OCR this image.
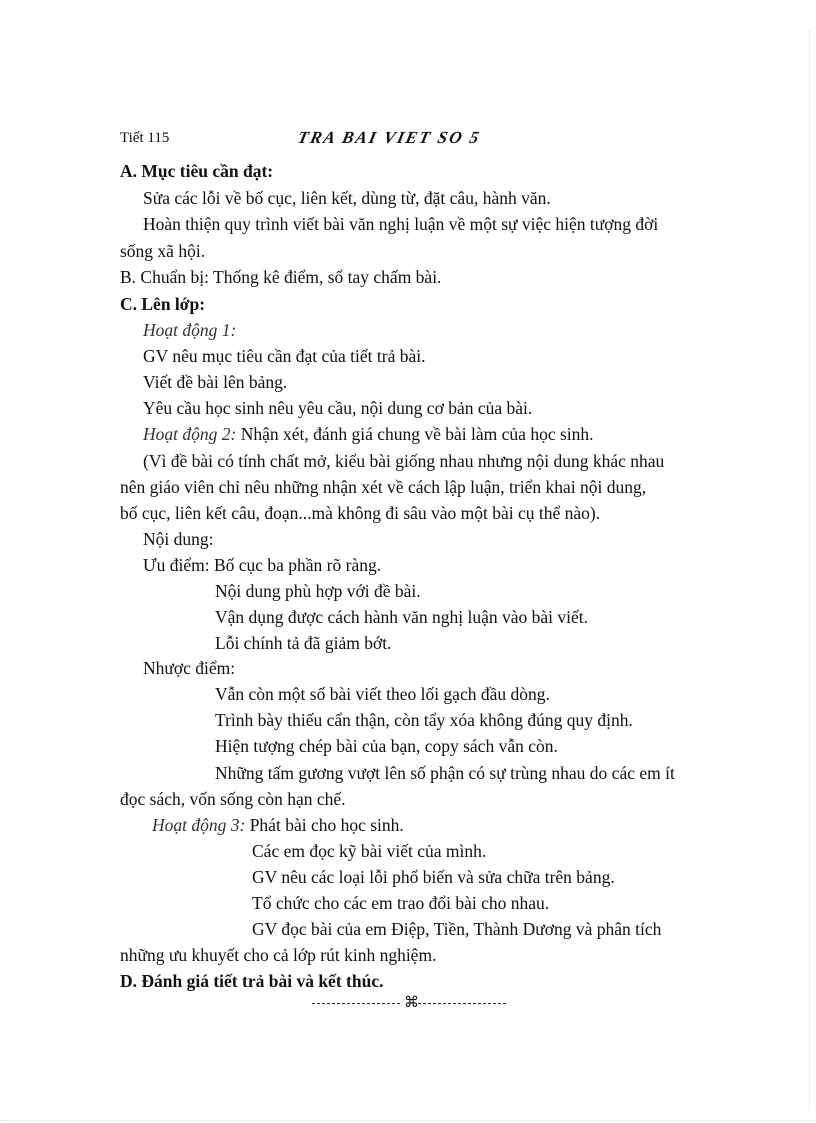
Tiết 115	TRA BAI VIET SO 5
A. Mục tiêu cần đạt:
Sửa các lỗi về bố cục, liên kết, dùng từ, đặt câu, hành văn.
Hoàn thiện quy trình viết bài văn nghị luận về một sự việc hiện tượng đời
sống xã hội.
B. Chuẩn bị: Thống kê điểm, sổ tay chấm bài.
C. Lên lớp:
Hoạt động 1:
GV nêu mục tiêu cần đạt của tiết trả bài.
Viết đề bài lên bảng.
Yêu cầu học sinh nêu yêu cầu, nội dung cơ bản của bài.
Hoạt động 2: Nhận xét, đánh giá chung về bài làm của học sinh.
(Vì đề bài có tính chất mở, kiểu bài giống nhau nhưng nội dung khác nhau
nên giáo viên chỉ nêu những nhận xét về cách lập luận, triển khai nội dung,
bố cục, liên kết câu, đoạn...mà không đi sâu vào một bài cụ thể nào).
Nội dung:
Ưu điểm: Bố cục ba phần rõ ràng.
Nội dung phù hợp với đề bài.
Vận dụng được cách hành văn nghị luận vào bài viết.
Lỗi chính tả đã giảm bớt.
Nhược điểm:
Vẫn còn một số bài viết theo lối gạch đầu dòng.
Trình bày thiếu cẩn thận, còn tẩy xóa không đúng quy định.
Hiện tượng chép bài của bạn, copy sách vẫn còn.
Những tấm gương vượt lên số phận có sự trùng nhau do các em ít
đọc sách, vốn sống còn hạn chế.
Hoạt động 3: Phát bài cho học sinh.
Các em đọc kỹ bài viết của mình.
GV nêu các loại lỗi phổ biến và sửa chữa trên bảng.
Tổ chức cho các em trao đổi bài cho nhau.
GV đọc bài của em Điệp, Tiền, Thành Dương và phân tích
những ưu khuyết cho cả lớp rút kinh nghiệm.
D. Đánh giá tiết trả bài và kết thúc.
⌘
